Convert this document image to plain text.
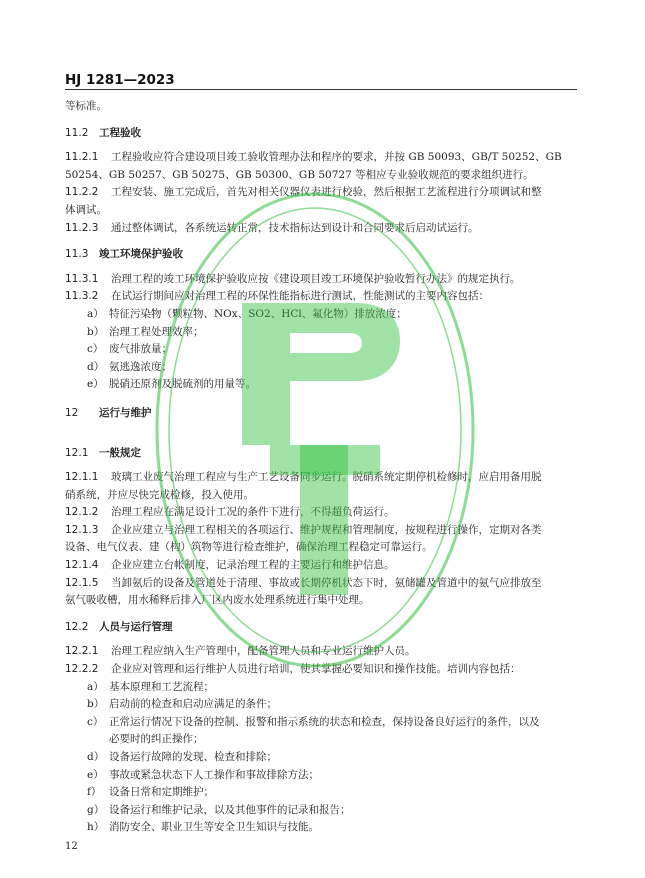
HJ 1281—2023
等标准。
11.2 工程验收
11.2.1 工程验收应符合建设项目竣工验收管理办法和程序的要求，并按 GB 50093、GB/T 50252、GB
50254、GB 50257、GB 50275、GB 50300、GB 50727 等相应专业验收规范的要求组织进行。
11.2.2 工程安装、施工完成后，首先对相关仪器仪表进行校验，然后根据工艺流程进行分项调试和整
体调试。
11.2.3 通过整体调试，各系统运转正常，技术指标达到设计和合同要求后启动试运行。
11.3 竣工环境保护验收
11.3.1 治理工程的竣工环境保护验收应按《建设项目竣工环境保护验收暂行办法》的规定执行。
11.3.2 在试运行期间应对治理工程的环保性能指标进行测试，性能测试的主要内容包括：
a） 特征污染物（颗粒物、NOx、SO2、HCl、氟化物）排放浓度；
b） 治理工程处理效率；
c） 废气排放量；
d） 氨逃逸浓度；
e） 脱硝还原剂及脱硫剂的用量等。
12 运行与维护
12.1 一般规定
12.1.1 玻璃工业废气治理工程应与生产工艺设备同步运行。脱硝系统定期停机检修时，应启用备用脱
硝系统，并应尽快完成检修，投入使用。
12.1.2 治理工程应在满足设计工况的条件下进行，不得超负荷运行。
12.1.3 企业应建立与治理工程相关的各项运行、维护规程和管理制度，按规程进行操作，定期对各类
设备、电气仪表、建（构）筑物等进行检查维护，确保治理工程稳定可靠运行。
12.1.4 企业应建立台帐制度，记录治理工程的主要运行和维护信息。
12.1.5 当卸氨后的设备及管道处于清理、事故或长期停机状态下时，氨储罐及管道中的氨气应排放至
氨气吸收槽，用水稀释后排入厂区内废水处理系统进行集中处理。
12.2 人员与运行管理
12.2.1 治理工程应纳入生产管理中，配备管理人员和专业运行维护人员。
12.2.2 企业应对管理和运行维护人员进行培训，使其掌握必要知识和操作技能。培训内容包括：
a） 基本原理和工艺流程；
b） 启动前的检查和启动应满足的条件；
c） 正常运行情况下设备的控制、报警和指示系统的状态和检查，保持设备良好运行的条件，以及
必要时的纠正操作；
d） 设备运行故障的发现、检查和排除；
e） 事故或紧急状态下人工操作和事故排除方法；
f） 设备日常和定期维护；
g） 设备运行和维护记录，以及其他事件的记录和报告；
h） 消防安全、职业卫生等安全卫生知识与技能。
12
